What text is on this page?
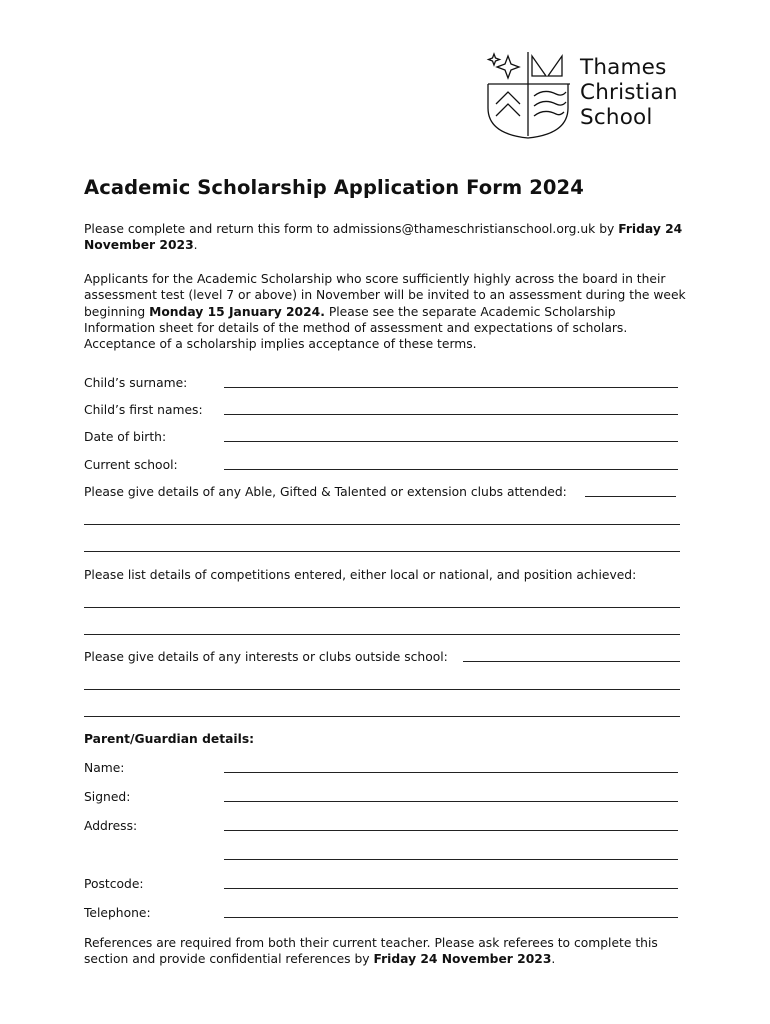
Thames
Christian
School
Academic Scholarship Application Form 2024

Please complete and return this form to admissions@thameschristianschool.org.uk by Friday 24 November 2023.

Applicants for the Academic Scholarship who score sufficiently highly across the board in their assessment test (level 7 or above) in November will be invited to an assessment during the week beginning Monday 15 January 2024. Please see the separate Academic Scholarship Information sheet for details of the method of assessment and expectations of scholars. Acceptance of a scholarship implies acceptance of these terms.

Child’s surname:
Child’s first names:
Date of birth:
Current school:
Please give details of any Able, Gifted & Talented or extension clubs attended:
Please list details of competitions entered, either local or national, and position achieved:
Please give details of any interests or clubs outside school:
Parent/Guardian details:
Name:
Signed:
Address:
Postcode:
Telephone:

References are required from both their current teacher. Please ask referees to complete this section and provide confidential references by Friday 24 November 2023.
